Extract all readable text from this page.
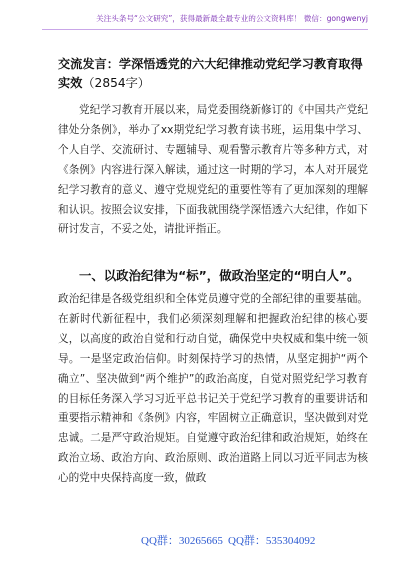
关注头条号“公文研究”，获得最新最全最专业的公文资料库！ 微信：gongwenyj
交流发言：学深悟透党的六大纪律推动党纪学习教育取得实效（2854字）
党纪学习教育开展以来，局党委围绕新修订的《中国共产党纪律处分条例》，举办了xx期党纪学习教育读书班，运用集中学习、个人自学、交流研讨、专题辅导、观看警示教育片等多种方式，对《条例》内容进行深入解读，通过这一时期的学习，本人对开展党纪学习教育的意义、遵守党规党纪的重要性等有了更加深刻的理解和认识。按照会议安排，下面我就围绕学深悟透六大纪律，作如下研讨发言，不妥之处，请批评指正。
一、以政治纪律为“标”，做政治坚定的“明白人”。
政治纪律是各级党组织和全体党员遵守党的全部纪律的重要基础。在新时代新征程中，我们必须深刻理解和把握政治纪律的核心要义，以高度的政治自觉和行动自觉，确保党中央权威和集中统一领导。一是坚定政治信仰。时刻保持学习的热情，从坚定拥护“两个确立”、坚决做到“两个维护”的政治高度，自觉对照党纪学习教育的目标任务深入学习习近平总书记关于党纪学习教育的重要讲话和重要指示精神和《条例》内容，牢固树立正确意识，坚决做到对党忠诚。二是严守政治规矩。自觉遵守政治纪律和政治规矩，始终在政治立场、政治方向、政治原则、政治道路上同以习近平同志为核心的党中央保持高度一致，做政
QQ群：30265665 QQ群：535304092
